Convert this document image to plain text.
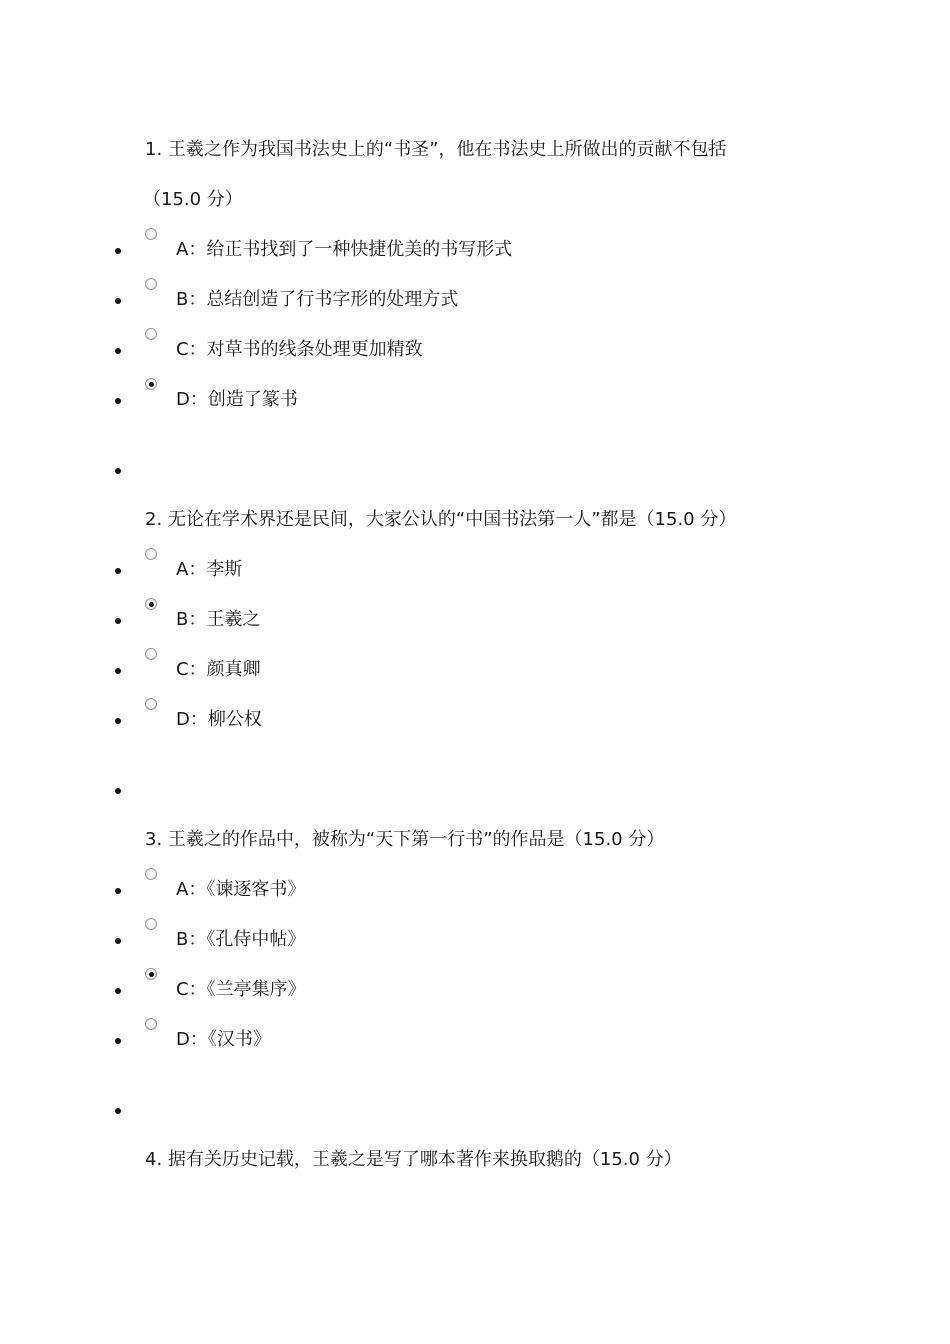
1. 王羲之作为我国书法史上的“书圣”，他在书法史上所做出的贡献不包括
（15.0 分）
A：给正书找到了一种快捷优美的书写形式
B：总结创造了行书字形的处理方式
C：对草书的线条处理更加精致
D：创造了篆书
2. 无论在学术界还是民间，大家公认的“中国书法第一人”都是（15.0 分）
A：李斯
B：王羲之
C：颜真卿
D：柳公权
3. 王羲之的作品中，被称为“天下第一行书”的作品是（15.0 分）
A：《谏逐客书》
B：《孔侍中帖》
C：《兰亭集序》
D：《汉书》
4. 据有关历史记载，王羲之是写了哪本著作来换取鹅的（15.0 分）
